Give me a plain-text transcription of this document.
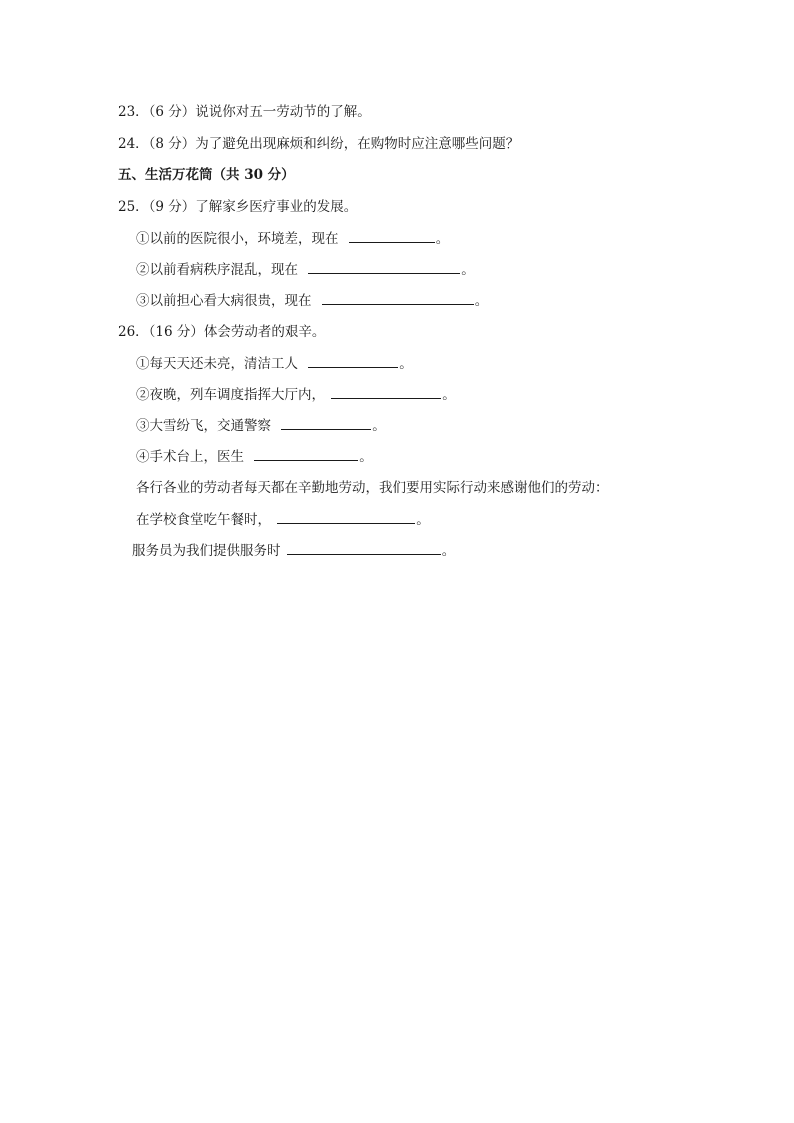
23．（6 分）说说你对五一劳动节的了解。
24．（8 分）为了避免出现麻烦和纠纷，在购物时应注意哪些问题？
五、生活万花筒（共 30 分）
25．（9 分）了解家乡医疗事业的发展。
①以前的医院很小，环境差，现在	。
②以前看病秩序混乱，现在	。
③以前担心看大病很贵，现在	。
26．（16 分）体会劳动者的艰辛。
①每天天还未亮，清洁工人	。
②夜晚，列车调度指挥大厅内，	。
③大雪纷飞，交通警察	。
④手术台上，医生	。
各行各业的劳动者每天都在辛勤地劳动，我们要用实际行动来感谢他们的劳动：
在学校食堂吃午餐时，	。
服务员为我们提供服务时	。
